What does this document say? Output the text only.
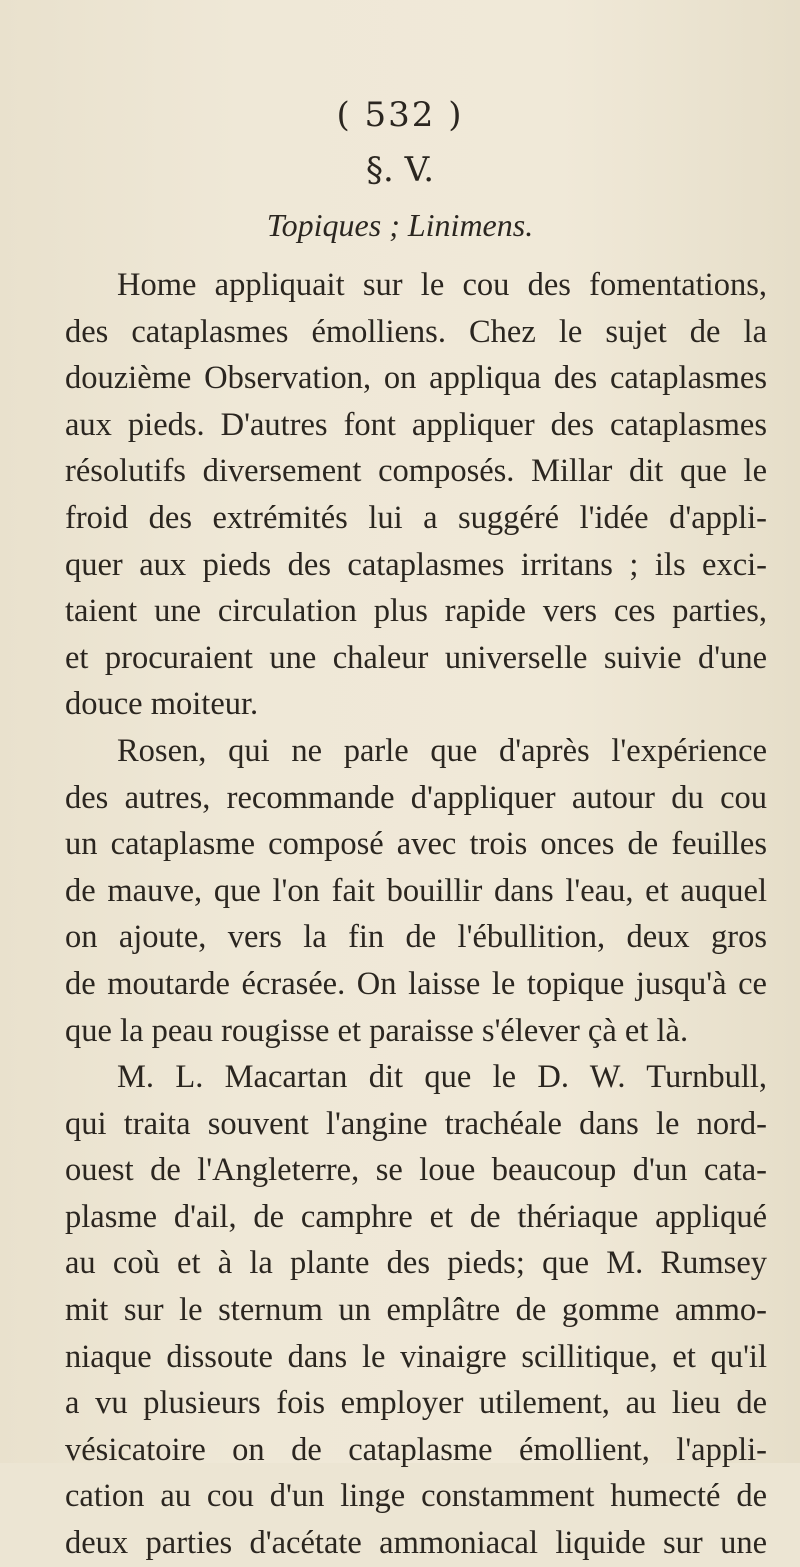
( 532 )
§. V.
Topiques ; Linimens.
Home appliquait sur le cou des fomentations,
des cataplasmes émolliens. Chez le sujet de la
douzième Observation, on appliqua des cataplasmes
aux pieds. D'autres font appliquer des cataplasmes
résolutifs diversement composés. Millar dit que le
froid des extrémités lui a suggéré l'idée d'appli-
quer aux pieds des cataplasmes irritans ; ils exci-
taient une circulation plus rapide vers ces parties,
et procuraient une chaleur universelle suivie d'une
douce moiteur.
Rosen, qui ne parle que d'après l'expérience
des autres, recommande d'appliquer autour du cou
un cataplasme composé avec trois onces de feuilles
de mauve, que l'on fait bouillir dans l'eau, et auquel
on ajoute, vers la fin de l'ébullition, deux gros
de moutarde écrasée. On laisse le topique jusqu'à ce
que la peau rougisse et paraisse s'élever çà et là.
M. L. Macartan dit que le D. W. Turnbull,
qui traita souvent l'angine trachéale dans le nord-
ouest de l'Angleterre, se loue beaucoup d'un cata-
plasme d'ail, de camphre et de thériaque appliqué
au coù et à la plante des pieds; que M. Rumsey
mit sur le sternum un emplâtre de gomme ammo-
niaque dissoute dans le vinaigre scillitique, et qu'il
a vu plusieurs fois employer utilement, au lieu de
vésicatoire on de cataplasme émollient, l'appli-
cation au cou d'un linge constamment humecté de
deux parties d'acétate ammoniacal liquide sur une
